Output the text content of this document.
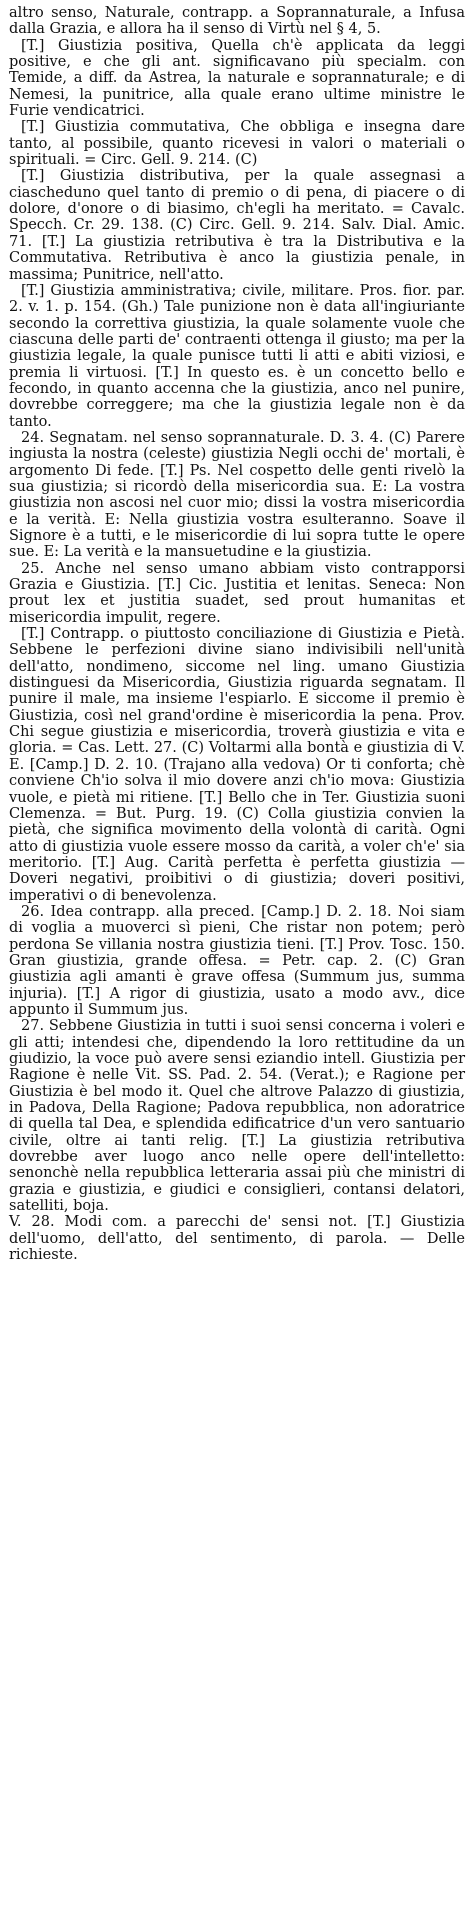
altro senso, Naturale, contrapp. a Soprannaturale, a Infusa dalla Grazia, e allora ha il senso di Virtù nel § 4, 5.

[T.] Giustizia positiva, Quella ch'è applicata da leggi positive, e che gli ant. significavano più specialm. con Temide, a diff. da Astrea, la naturale e soprannaturale; e di Nemesi, la punitrice, alla quale erano ultime ministre le Furie vendicatrici.

[T.] Giustizia commutativa, Che obbliga e insegna dare tanto, al possibile, quanto ricevesi in valori o materiali o spirituali. = Circ. Gell. 9. 214. (C)

[T.] Giustizia distributiva, per la quale assegnasi a ciascheduno quel tanto di premio o di pena, di piacere o di dolore, d'onore o di biasimo, ch'egli ha meritato. = Cavalc. Specch. Cr. 29. 138. (C) Circ. Gell. 9. 214. Salv. Dial. Amic. 71. [T.] La giustizia retributiva è tra la Distributiva e la Commutativa. Retributiva è anco la giustizia penale, in massima; Punitrice, nell'atto.

[T.] Giustizia amministrativa; civile, militare. Pros. fior. par. 2. v. 1. p. 154. (Gh.) Tale punizione non è data all'ingiuriante secondo la correttiva giustizia, la quale solamente vuole che ciascuna delle parti de' contraenti ottenga il giusto; ma per la giustizia legale, la quale punisce tutti li atti e abiti viziosi, e premia li virtuosi. [T.] In questo es. è un concetto bello e fecondo, in quanto accenna che la giustizia, anco nel punire, dovrebbe correggere; ma che la giustizia legale non è da tanto.

24. Segnatam. nel senso soprannaturale. D. 3. 4. (C) Parere ingiusta la nostra (celeste) giustizia Negli occhi de' mortali, è argomento Di fede. [T.] Ps. Nel cospetto delle genti rivelò la sua giustizia; si ricordò della misericordia sua. E: La vostra giustizia non ascosi nel cuor mio; dissi la vostra misericordia e la verità. E: Nella giustizia vostra esulteranno. Soave il Signore è a tutti, e le misericordie di lui sopra tutte le opere sue. E: La verità e la mansuetudine e la giustizia.

25. Anche nel senso umano abbiam visto contrapporsi Grazia e Giustizia. [T.] Cic. Justitia et lenitas. Seneca: Non prout lex et justitia suadet, sed prout humanitas et misericordia impulit, regere.

[T.] Contrapp. o piuttosto conciliazione di Giustizia e Pietà. Sebbene le perfezioni divine siano indivisibili nell'unità dell'atto, nondimeno, siccome nel ling. umano Giustizia distinguesi da Misericordia, Giustizia riguarda segnatam. Il punire il male, ma insieme l'espiarlo. E siccome il premio è Giustizia, così nel grand'ordine è misericordia la pena. Prov. Chi segue giustizia e misericordia, troverà giustizia e vita e gloria. = Cas. Lett. 27. (C) Voltarmi alla bontà e giustizia di V. E. [Camp.] D. 2. 10. (Trajano alla vedova) Or ti conforta; chè conviene Ch'io solva il mio dovere anzi ch'io mova: Giustizia vuole, e pietà mi ritiene. [T.] Bello che in Ter. Giustizia suoni Clemenza. = But. Purg. 19. (C) Colla giustizia convien la pietà, che significa movimento della volontà di carità. Ogni atto di giustizia vuole essere mosso da carità, a voler ch'e' sia meritorio. [T.] Aug. Carità perfetta è perfetta giustizia — Doveri negativi, proibitivi o di giustizia; doveri positivi, imperativi o di benevolenza.

26. Idea contrapp. alla preced. [Camp.] D. 2. 18. Noi siam di voglia a muoverci sì pieni, Che ristar non potem; però perdona Se villania nostra giustizia tieni. [T.] Prov. Tosc. 150. Gran giustizia, grande offesa. = Petr. cap. 2. (C) Gran giustizia agli amanti è grave offesa (Summum jus, summa injuria). [T.] A rigor di giustizia, usato a modo avv., dice appunto il Summum jus.

27. Sebbene Giustizia in tutti i suoi sensi concerna i voleri e gli atti; intendesi che, dipendendo la loro rettitudine da un giudizio, la voce può avere sensi eziandio intell. Giustizia per Ragione è nelle Vit. SS. Pad. 2. 54. (Verat.); e Ragione per Giustizia è bel modo it. Quel che altrove Palazzo di giustizia, in Padova, Della Ragione; Padova repubblica, non adoratrice di quella tal Dea, e splendida edificatrice d'un vero santuario civile, oltre ai tanti relig. [T.] La giustizia retributiva dovrebbe aver luogo anco nelle opere dell'intelletto: senonchè nella repubblica letteraria assai più che ministri di grazia e giustizia, e giudici e consiglieri, contansi delatori, satelliti, boja.

V. 28. Modi com. a parecchi de' sensi not. [T.] Giustizia dell'uomo, dell'atto, del sentimento, di parola. — Delle richieste.
